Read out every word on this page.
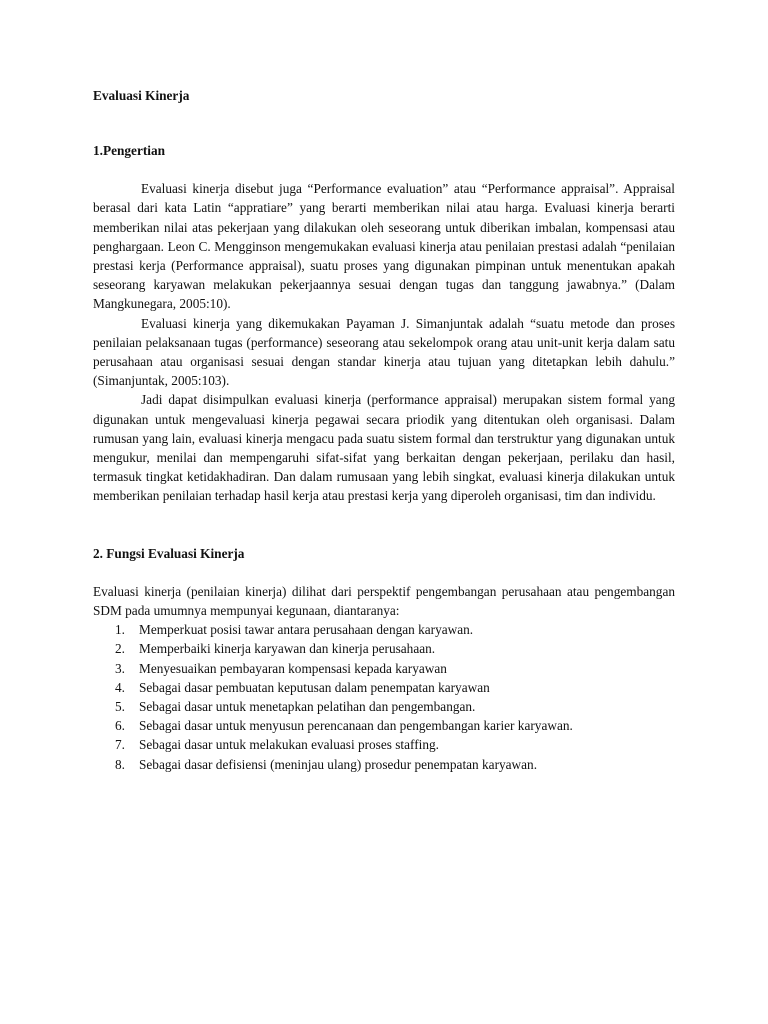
Evaluasi Kinerja

1.Pengertian

Evaluasi kinerja disebut juga “Performance evaluation” atau “Performance appraisal”. Appraisal berasal dari kata Latin “appratiare” yang berarti memberikan nilai atau harga. Evaluasi kinerja berarti memberikan nilai atas pekerjaan yang dilakukan oleh seseorang untuk diberikan imbalan, kompensasi atau penghargaan. Leon C. Mengginson mengemukakan evaluasi kinerja atau penilaian prestasi adalah “penilaian prestasi kerja (Performance appraisal), suatu proses yang digunakan pimpinan untuk menentukan apakah seseorang karyawan melakukan pekerjaannya sesuai dengan tugas dan tanggung jawabnya.” (Dalam Mangkunegara, 2005:10).

Evaluasi kinerja yang dikemukakan Payaman J. Simanjuntak adalah “suatu metode dan proses penilaian pelaksanaan tugas (performance) seseorang atau sekelompok orang atau unit-unit kerja dalam satu perusahaan atau organisasi sesuai dengan standar kinerja atau tujuan yang ditetapkan lebih dahulu.” (Simanjuntak, 2005:103).

Jadi dapat disimpulkan evaluasi kinerja (performance appraisal) merupakan sistem formal yang digunakan untuk mengevaluasi kinerja pegawai secara priodik yang ditentukan oleh organisasi. Dalam rumusan yang lain, evaluasi kinerja mengacu pada suatu sistem formal dan terstruktur yang digunakan untuk mengukur, menilai dan mempengaruhi sifat-sifat yang berkaitan dengan pekerjaan, perilaku dan hasil, termasuk tingkat ketidakhadiran. Dan dalam rumusaan yang lebih singkat, evaluasi kinerja dilakukan untuk memberikan penilaian terhadap hasil kerja atau prestasi kerja yang diperoleh organisasi, tim dan individu.

2. Fungsi Evaluasi Kinerja

Evaluasi kinerja (penilaian kinerja) dilihat dari perspektif pengembangan perusahaan atau pengembangan SDM pada umumnya mempunyai kegunaan, diantaranya:

1.	Memperkuat posisi tawar antara perusahaan dengan karyawan.
2.	Memperbaiki kinerja karyawan dan kinerja perusahaan.
3.	Menyesuaikan pembayaran kompensasi kepada karyawan
4.	Sebagai dasar pembuatan keputusan dalam penempatan karyawan
5.	Sebagai dasar untuk menetapkan pelatihan dan pengembangan.
6.	Sebagai dasar untuk menyusun perencanaan dan pengembangan karier karyawan.
7.	Sebagai dasar untuk melakukan evaluasi proses staffing.
8.	Sebagai dasar defisiensi (meninjau ulang) prosedur penempatan karyawan.
